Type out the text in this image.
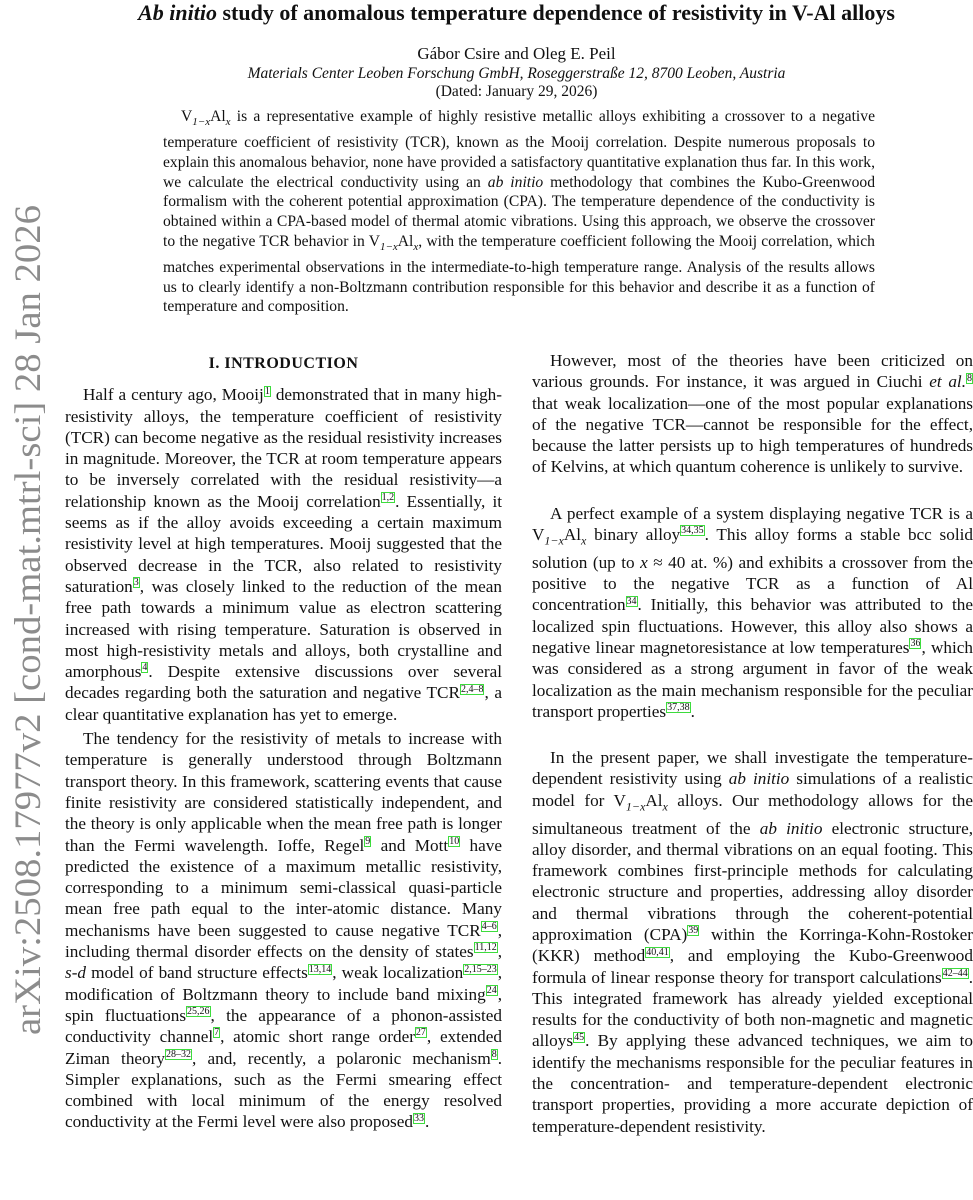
arXiv:2508.17977v2 [cond-mat.mtrl-sci] 28 Jan 2026
Ab initio study of anomalous temperature dependence of resistivity in V-Al alloys
Gábor Csire and Oleg E. Peil
Materials Center Leoben Forschung GmbH, Roseggerstraße 12, 8700 Leoben, Austria
(Dated: January 29, 2026)
$V_{1-x}Al_x$ is a representative example of highly resistive metallic alloys exhibiting a crossover to a negative temperature coefficient of resistivity (TCR), known as the Mooij correlation. Despite numerous proposals to explain this anomalous behavior, none have provided a satisfactory quantitative explanation thus far. In this work, we calculate the electrical conductivity using an ab initio methodology that combines the Kubo-Greenwood formalism with the coherent potential approximation (CPA). The temperature dependence of the conductivity is obtained within a CPA-based model of thermal atomic vibrations. Using this approach, we observe the crossover to the negative TCR behavior in $V_{1-x}Al_x$, with the temperature coefficient following the Mooij correlation, which matches experimental observations in the intermediate-to-high temperature range. Analysis of the results allows us to clearly identify a non-Boltzmann contribution responsible for this behavior and describe it as a function of temperature and composition.
I. INTRODUCTION

Half a century ago, Mooij$^1$ demonstrated that in many high-resistivity alloys, the temperature coefficient of resistivity (TCR) can become negative as the residual resistivity increases in magnitude. Moreover, the TCR at room temperature appears to be inversely correlated with the residual resistivity—a relationship known as the Mooij correlation$^{1,2}$. Essentially, it seems as if the alloy avoids exceeding a certain maximum resistivity level at high temperatures. Mooij suggested that the observed decrease in the TCR, also related to resistivity saturation$^3$, was closely linked to the reduction of the mean free path towards a minimum value as electron scattering increased with rising temperature. Saturation is observed in most high-resistivity metals and alloys, both crystalline and amorphous$^4$. Despite extensive discussions over several decades regarding both the saturation and negative TCR$^{2,4-8}$, a clear quantitative explanation has yet to emerge.

The tendency for the resistivity of metals to increase with temperature is generally understood through Boltzmann transport theory. In this framework, scattering events that cause finite resistivity are considered statistically independent, and the theory is only applicable when the mean free path is longer than the Fermi wavelength. Ioffe, Regel$^9$ and Mott$^{10}$ have predicted the existence of a maximum metallic resistivity, corresponding to a minimum semi-classical quasi-particle mean free path equal to the inter-atomic distance. Many mechanisms have been suggested to cause negative TCR$^{4-6}$, including thermal disorder effects on the density of states$^{11,12}$, s-d model of band structure effects$^{13,14}$, weak localization$^{2,15-23}$, modification of Boltzmann theory to include band mixing$^{24}$, spin fluctuations$^{25,26}$, the appearance of a phonon-assisted conductivity channel$^7$, atomic short range order$^{27}$, extended Ziman theory$^{28-32}$, and, recently, a polaronic mechanism$^8$. Simpler explanations, such as the Fermi smearing effect combined with local minimum of the energy resolved conductivity at the Fermi level were also proposed$^{33}$.

However, most of the theories have been criticized on various grounds. For instance, it was argued in Ciuchi et al.$^8$ that weak localization—one of the most popular explanations of the negative TCR—cannot be responsible for the effect, because the latter persists up to high temperatures of hundreds of Kelvins, at which quantum coherence is unlikely to survive.

A perfect example of a system displaying negative TCR is a $V_{1-x}Al_x$ binary alloy$^{34,35}$. This alloy forms a stable bcc solid solution (up to x ≈ 40 at. %) and exhibits a crossover from the positive to the negative TCR as a function of Al concentration$^{34}$. Initially, this behavior was attributed to the localized spin fluctuations. However, this alloy also shows a negative linear magnetoresistance at low temperatures$^{36}$, which was considered as a strong argument in favor of the weak localization as the main mechanism responsible for the peculiar transport properties$^{37,38}$.

In the present paper, we shall investigate the temperature-dependent resistivity using ab initio simulations of a realistic model for $V_{1-x}Al_x$ alloys. Our methodology allows for the simultaneous treatment of the ab initio electronic structure, alloy disorder, and thermal vibrations on an equal footing. This framework combines first-principle methods for calculating electronic structure and properties, addressing alloy disorder and thermal vibrations through the coherent-potential approximation (CPA)$^{39}$ within the Korringa-Kohn-Rostoker (KKR) method$^{40,41}$, and employing the Kubo-Greenwood formula of linear response theory for transport calculations$^{42-44}$. This integrated framework has already yielded exceptional results for the conductivity of both non-magnetic and magnetic alloys$^{45}$. By applying these advanced techniques, we aim to identify the mechanisms responsible for the peculiar features in the concentration- and temperature-dependent electronic transport properties, providing a more accurate depiction of temperature-dependent resistivity.
